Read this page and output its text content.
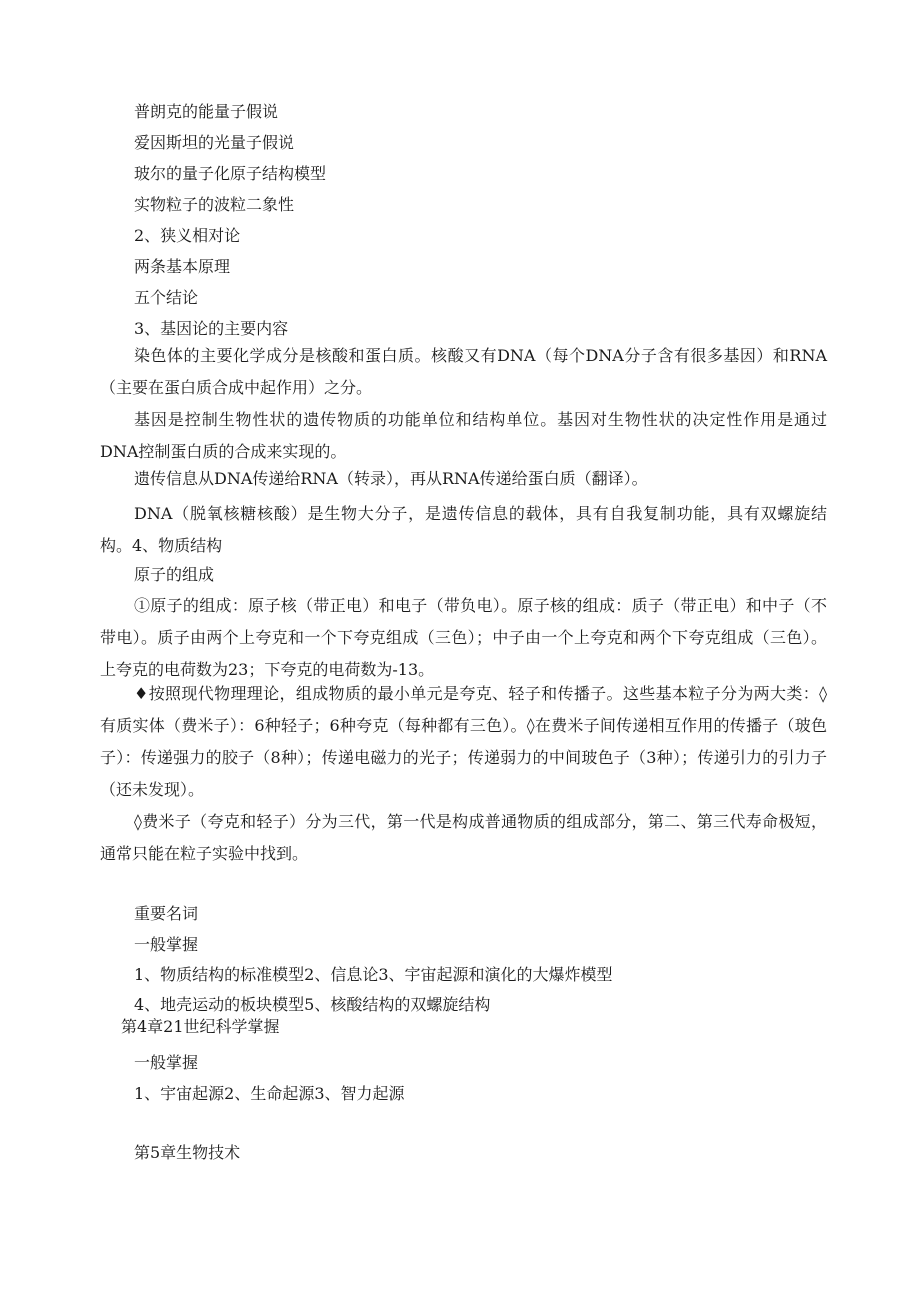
普朗克的能量子假说

爱因斯坦的光量子假说

玻尔的量子化原子结构模型

实物粒子的波粒二象性

2、狭义相对论

两条基本原理

五个结论

3、基因论的主要内容

染色体的主要化学成分是核酸和蛋白质。核酸又有DNA（每个DNA分子含有很多基因）和RNA（主要在蛋白质合成中起作用）之分。

基因是控制生物性状的遗传物质的功能单位和结构单位。基因对生物性状的决定性作用是通过DNA控制蛋白质的合成来实现的。

遗传信息从DNA传递给RNA（转录），再从RNA传递给蛋白质（翻译）。

DNA（脱氧核糖核酸）是生物大分子，是遗传信息的载体，具有自我复制功能，具有双螺旋结构。4、物质结构

原子的组成

①原子的组成：原子核（带正电）和电子（带负电）。原子核的组成：质子（带正电）和中子（不带电）。质子由两个上夸克和一个下夸克组成（三色）；中子由一个上夸克和两个下夸克组成（三色）。上夸克的电荷数为23；下夸克的电荷数为-13。

♦按照现代物理理论，组成物质的最小单元是夸克、轻子和传播子。这些基本粒子分为两大类：◊有质实体（费米子）：6种轻子；6种夸克（每种都有三色）。◊在费米子间传递相互作用的传播子（玻色子）：传递强力的胶子（8种）；传递电磁力的光子；传递弱力的中间玻色子（3种）；传递引力的引力子（还未发现）。

◊费米子（夸克和轻子）分为三代，第一代是构成普通物质的组成部分，第二、第三代寿命极短，通常只能在粒子实验中找到。

重要名词

一般掌握

1、物质结构的标准模型2、信息论3、宇宙起源和演化的大爆炸模型

4、地壳运动的板块模型5、核酸结构的双螺旋结构

第4章21世纪科学掌握

一般掌握

1、宇宙起源2、生命起源3、智力起源

第5章生物技术
